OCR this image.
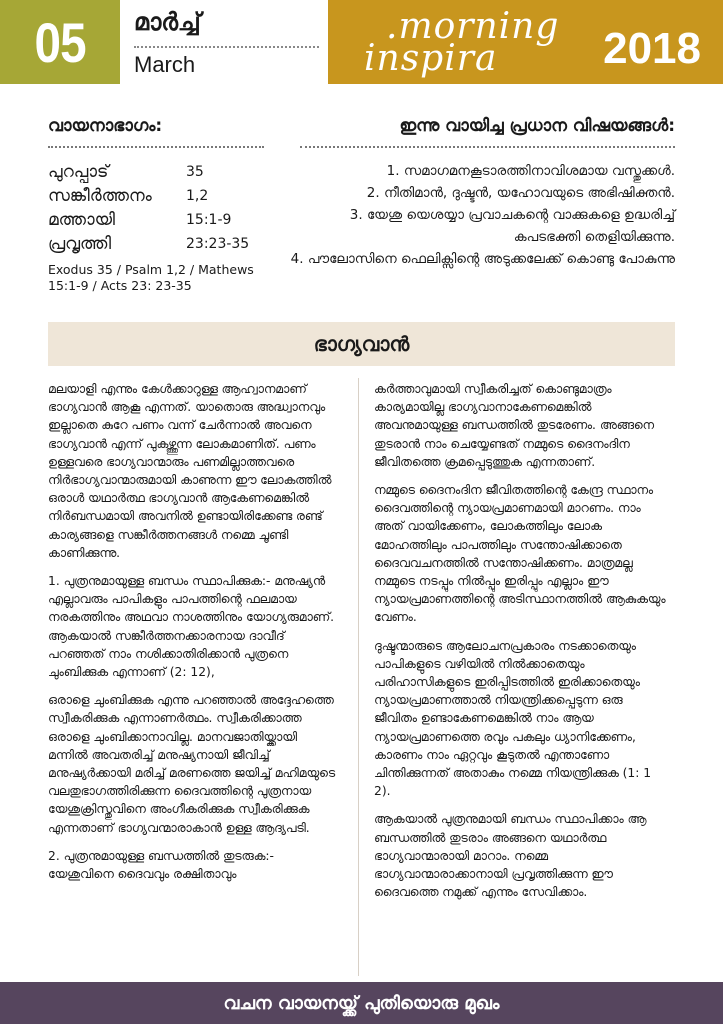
05 മാർച്ച്
March
.morning
inspira 2018
വായനാഭാഗം:
പുറപ്പാട്	35
സങ്കീർത്തനം	1,2
മത്തായി	15:1-9
പ്രവൃത്തി	23:23-35
Exodus 35 / Psalm 1,2 / Mathews 15:1-9 / Acts 23: 23-35
ഇന്നു വായിച്ച പ്രധാന വിഷയങ്ങൾ:
1. സമാഗമനകൂടാരത്തിനാവിശമായ വസ്തുക്കൾ.
2. നീതിമാൻ, ദുഷ്ടൻ, യഹോവയുടെ അഭിഷിക്തൻ.
3. യേശു യെശയ്യാ പ്രവാചകന്റെ വാക്കുകളെ ഉദ്ധരിച്ച് കപടഭക്തി തെളിയിക്കുന്നു.
4. പൗലോസിനെ ഫെലിക്സിന്റെ അടുക്കലേക്ക് കൊണ്ടു പോകുന്നു
ഭാഗ്യവാൻ

മലയാളി എന്നും കേൾക്കാറുള്ള ആഹ്വാനമാണ് ഭാഗ്യവാൻ ആകൂ എന്നത്. യാതൊരു അദ്ധ്വാനവും ഇല്ലാതെ കുറേ പണം വന്ന് ചേർന്നാൽ അവനെ ഭാഗ്യവാൻ എന്ന് പുകഴ്ത്തുന്ന ലോകമാണിത്. പണം ഉള്ളവരെ ഭാഗ്യവാന്മാരും പണമില്ലാത്തവരെ നിർഭാഗ്യവാന്മാരുമായി കാണുന്ന ഈ ലോകത്തിൽ ഒരാൾ യഥാർത്ഥ ഭാഗ്യവാൻ ആകേണമെങ്കിൽ നിർബന്ധമായി അവനിൽ ഉണ്ടായിരിക്കേണ്ട രണ്ട് കാര്യങ്ങളെ സങ്കീർത്തനങ്ങൾ നമ്മെ ചൂണ്ടി കാണിക്കുന്നു.

1. പുത്രനുമായുള്ള ബന്ധം സ്ഥാപിക്കുക:- മനുഷ്യൻ എല്ലാവരും പാപികളും പാപത്തിന്റെ ഫലമായ നരകത്തിനും അഥവാ നാശത്തിനും യോഗ്യരുമാണ്. ആകയാൽ സങ്കീർത്തനക്കാരനായ ദാവീദ് പറഞ്ഞത് നാം നശിക്കാതിരിക്കാൻ പുത്രനെ ചുംബിക്കുക എന്നാണ് (2: 12),

ഒരാളെ ചുംബിക്കുക എന്നു പറഞ്ഞാൽ അദ്ദേഹത്തെ സ്വീകരിക്കുക എന്നാണർത്ഥം. സ്വീകരിക്കാത്ത ഒരാളെ ചുംബിക്കാനാവില്ല. മാനവജാതിയ്ക്കായി മന്നിൽ അവതരിച്ച് മനുഷ്യനായി ജീവിച്ച് മനുഷ്യർക്കായി മരിച്ച് മരണത്തെ ജയിച്ച് മഹിമയുടെ വലതുഭാഗത്തിരിക്കുന്ന ദൈവത്തിന്റെ പുത്രനായ യേശുക്രിസ്തുവിനെ അംഗീകരിക്കുക സ്വീകരിക്കുക എന്നതാണ് ഭാഗ്യവന്മാരാകാൻ ഉള്ള ആദ്യപടി.

2. പുത്രനുമായുള്ള ബന്ധത്തിൽ തുടരുക:- യേശുവിനെ ദൈവവും രക്ഷിതാവും

കർത്താവുമായി സ്വീകരിച്ചത് കൊണ്ടുമാത്രം കാര്യമായില്ല ഭാഗ്യവാനാകേണമെങ്കിൽ അവനുമായുള്ള ബന്ധത്തിൽ തുടരേണം. അങ്ങനെ തുടരാൻ നാം ചെയ്യേണ്ടത് നമ്മുടെ ദൈനംദിന ജീവിതത്തെ ക്രമപ്പെടുത്തുക എന്നതാണ്.

നമ്മുടെ ദൈനംദിന ജീവിതത്തിന്റെ കേന്ദ്ര സ്ഥാനം ദൈവത്തിന്റെ ന്യായപ്രമാണമായി മാറണം. നാം അത് വായിക്കേണം, ലോകത്തിലും ലോക മോഹത്തിലും പാപത്തിലും സന്തോഷിക്കാതെ ദൈവവചനത്തിൽ സന്തോഷിക്കണം. മാത്രമല്ല നമ്മുടെ നടപ്പും നിൽപ്പും ഇരിപ്പും എല്ലാം ഈ ന്യായപ്രമാണത്തിന്റെ അടിസ്ഥാനത്തിൽ ആകുകയും വേണം.

ദുഷ്ടന്മാരുടെ ആലോചനപ്രകാരം നടക്കാതെയും പാപികളുടെ വഴിയിൽ നിൽക്കാതെയും പരിഹാസികളുടെ ഇരിപ്പിടത്തിൽ ഇരിക്കാതെയും ന്യായപ്രമാണത്താൽ നിയന്ത്രിക്കപ്പെടുന്ന ഒരു ജീവിതം ഉണ്ടാകേണമെങ്കിൽ നാം ആയ ന്യായപ്രമാണത്തെ രവും പകലും ധ്യാനിക്കേണം, കാരണം നാം ഏറ്റവും കൂടുതൽ എന്താണോ ചിന്തിക്കുന്നത് അതാകും നമ്മെ നിയന്ത്രിക്കുക (1: 1 2).

ആകയാൽ പുത്രനുമായി ബന്ധം സ്ഥാപിക്കാം ആ ബന്ധത്തിൽ തുടരാം അങ്ങനെ യഥാർത്ഥ ഭാഗ്യവാന്മാരായി മാറാം. നമ്മെ ഭാഗ്യവാന്മാരാക്കാനായി പ്രവൃത്തിക്കുന്ന ഈ ദൈവത്തെ നമുക്ക് എന്നും സേവിക്കാം.

വചന വായനയ്ക്ക് പുതിയൊരു മുഖം
